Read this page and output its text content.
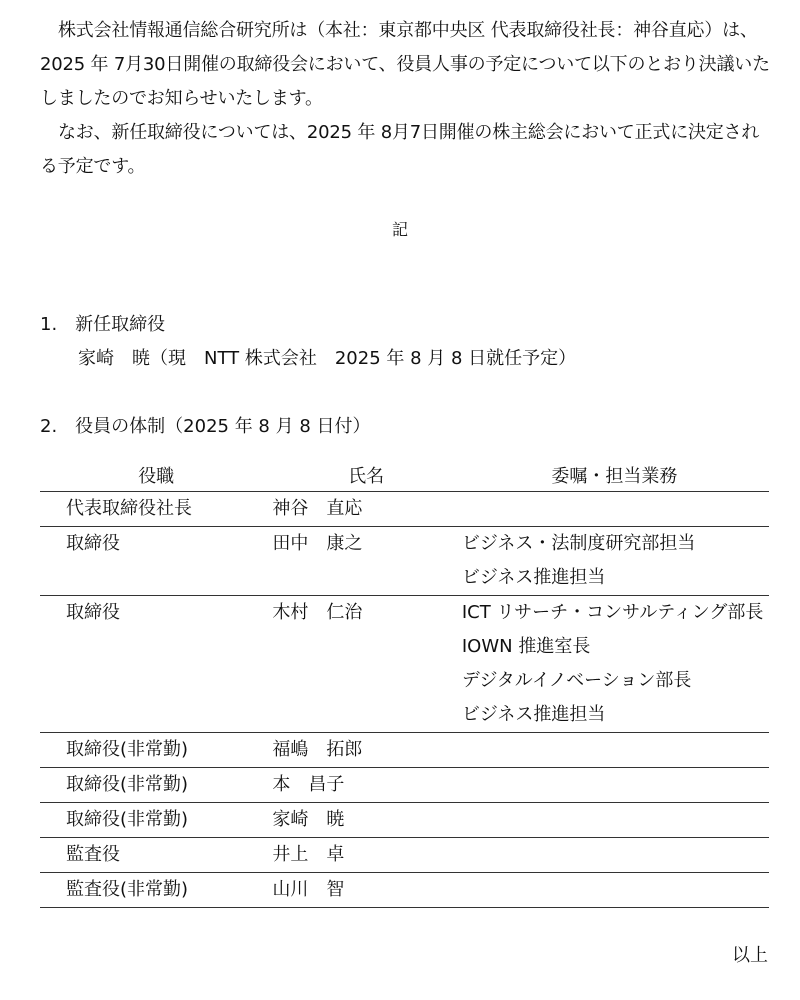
株式会社情報通信総合研究所は（本社：東京都中央区 代表取締役社長：神谷直応）は、2025 年 7月30日開催の取締役会において、役員人事の予定について以下のとおり決議いたしましたのでお知らせいたします。

なお、新任取締役については、2025 年 8月7日開催の株主総会において正式に決定される予定です。

記
1.　新任取締役
家崎　暁（現　NTT 株式会社　2025 年 8 月 8 日就任予定）
2.　役員の体制（2025 年 8 月 8 日付）
役職	氏名	委嘱・担当業務
代表取締役社長	神谷　直応	
取締役	田中　康之	ビジネス・法制度研究部担当
ビジネス推進担当

取締役	木村　仁治	ICT リサーチ・コンサルティング部長
IOWN 推進室長
デジタルイノベーション部長
ビジネス推進担当

取締役(非常勤)	福嶋　拓郎	
取締役(非常勤)	本　昌子	
取締役(非常勤)	家崎　暁	
監査役	井上　卓	
監査役(非常勤)	山川　智	
以上
